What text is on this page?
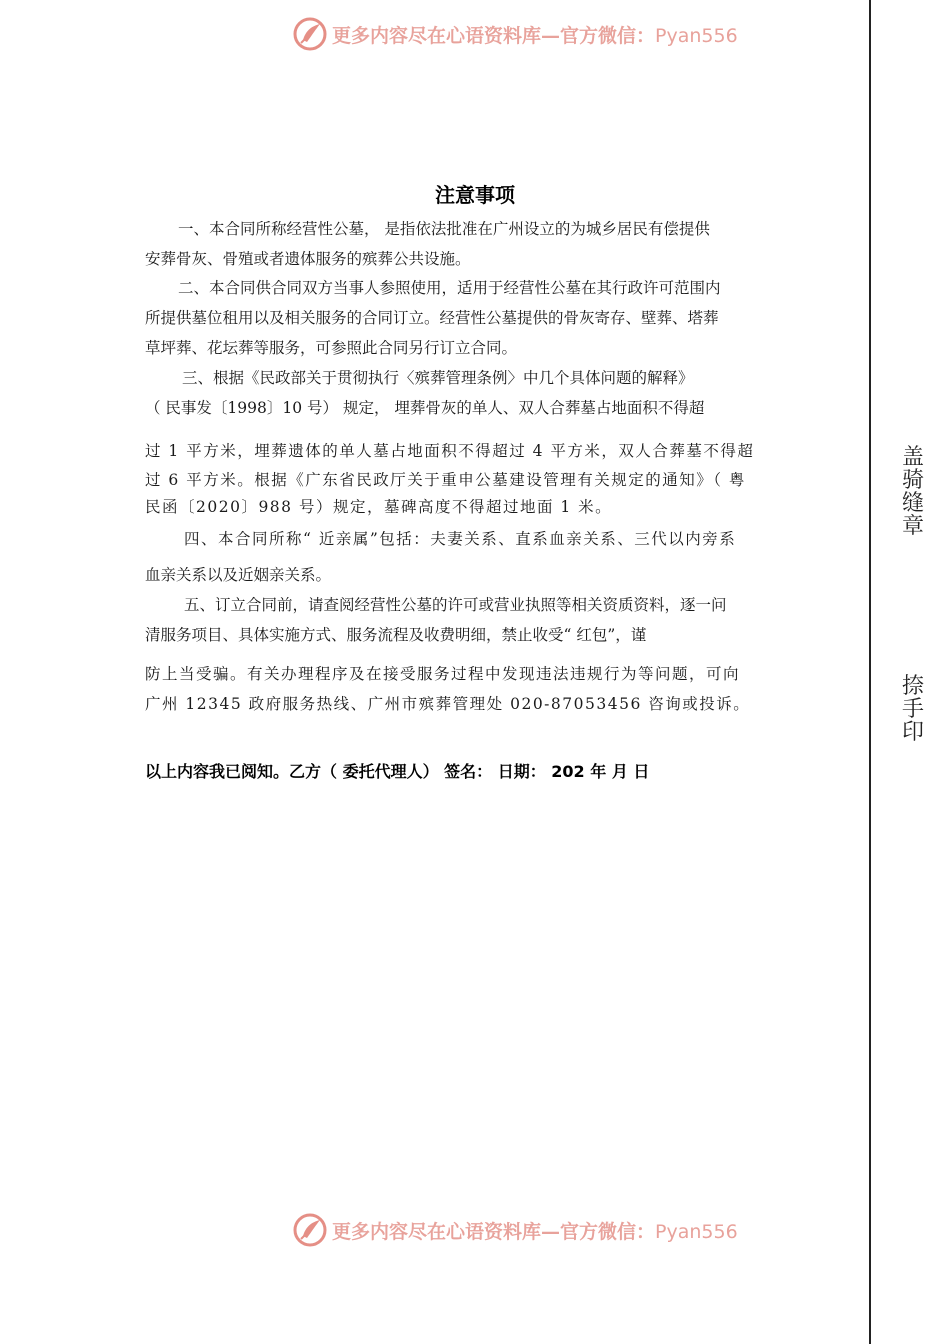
更多内容尽在心语资料库—官方微信：Pyan556
盖骑缝章
捺手印
注意事项
一、本合同所称经营性公墓， 是指依法批准在广州设立的为城乡居民有偿提供
安葬骨灰、骨殖或者遗体服务的殡葬公共设施。
二、本合同供合同双方当事人参照使用，适用于经营性公墓在其行政许可范围内
所提供墓位租用以及相关服务的合同订立。经营性公墓提供的骨灰寄存、壁葬、塔葬
草坪葬、花坛葬等服务，可参照此合同另行订立合同。
三、根据《民政部关于贯彻执行〈殡葬管理条例〉中几个具体问题的解释》
（ 民事发〔1998〕10 号） 规定， 埋葬骨灰的单人、双人合葬墓占地面积不得超
过 1 平方米，埋葬遗体的单人墓占地面积不得超过 4 平方米，双人合葬墓不得超
过 6 平方米。根据《广东省民政厅关于重申公墓建设管理有关规定的通知》（ 粤
民函〔2020〕988 号）规定，墓碑高度不得超过地面 1 米。
四、本合同所称“ 近亲属”包括：夫妻关系、直系血亲关系、三代以内旁系
血亲关系以及近姻亲关系。
五、订立合同前，请查阅经营性公墓的许可或营业执照等相关资质资料，逐一问
清服务项目、具体实施方式、服务流程及收费明细，禁止收受“ 红包”，谨
防上当受骗。有关办理程序及在接受服务过程中发现违法违规行为等问题，可向
广州 12345 政府服务热线、广州市殡葬管理处 020-87053456 咨询或投诉。
以上内容我已阅知。乙方（ 委托代理人） 签名： 日期： 202 年 月 日
更多内容尽在心语资料库—官方微信：Pyan556
